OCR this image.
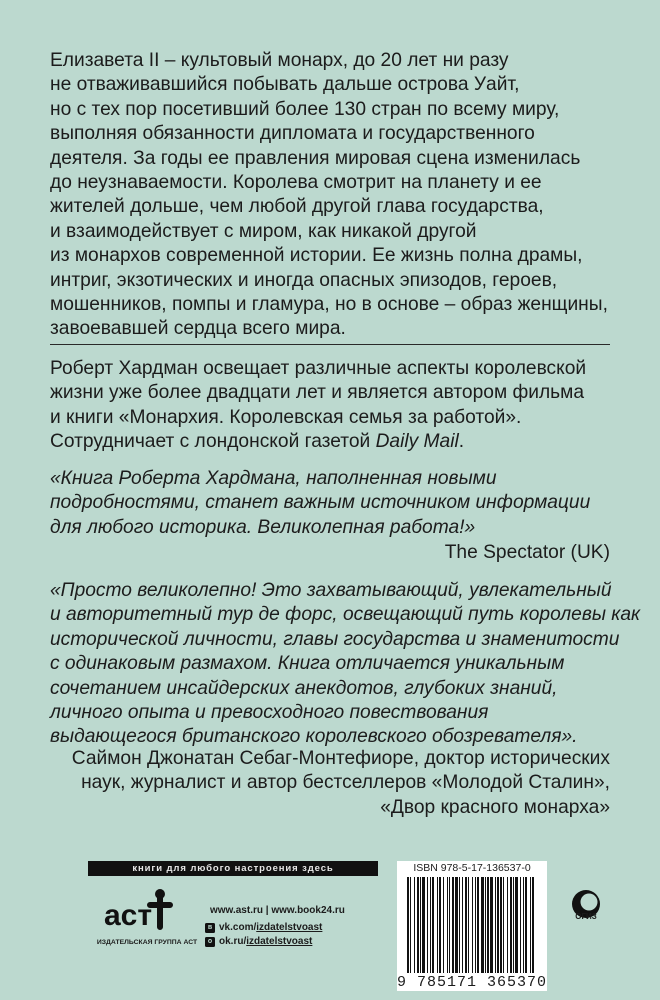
Елизавета II – культовый монарх, до 20 лет ни разу
не отваживавшийся побывать дальше острова Уайт,
но с тех пор посетивший более 130 стран по всему миру,
выполняя обязанности дипломата и государственного
деятеля. За годы ее правления мировая сцена изменилась
до неузнаваемости. Королева смотрит на планету и ее
жителей дольше, чем любой другой глава государства,
и взаимодействует с миром, как никакой другой
из монархов современной истории. Ее жизнь полна драмы,
интриг, экзотических и иногда опасных эпизодов, героев,
мошенников, помпы и гламура, но в основе – образ женщины,
завоевавшей сердца всего мира.
Роберт Хардман освещает различные аспекты королевской
жизни уже более двадцати лет и является автором фильма
и книги «Монархия. Королевская семья за работой».
Сотрудничает с лондонской газетой Daily Mail.
«Книга Роберта Хардмана, наполненная новыми
подробностями, станет важным источником информации
для любого историка. Великолепная работа!»
The Spectator (UK)
«Просто великолепно! Это захватывающий, увлекательный
и авторитетный тур де форс, освещающий путь королевы как
исторической личности, главы государства и знаменитости
с одинаковым размахом. Книга отличается уникальным
сочетанием инсайдерских анекдотов, глубоких знаний,
личного опыта и превосходного повествования
выдающегося британского королевского обозревателя».
Саймон Джонатан Себаг-Монтефиоре, доктор исторических
наук, журналист и автор бестселлеров «Молодой Сталин»,
«Двор красного монарха»
книги для любого настроения здесь
аст
ИЗДАТЕЛЬСКАЯ ГРУППА АСТ
www.ast.ru | www.book24.ru
в vk.com/ izdatelstvoast
о ok.ru/ izdatelstvoast
ISBN 978-5-17-136537-0
9 785171 365370
ОГИЗ
